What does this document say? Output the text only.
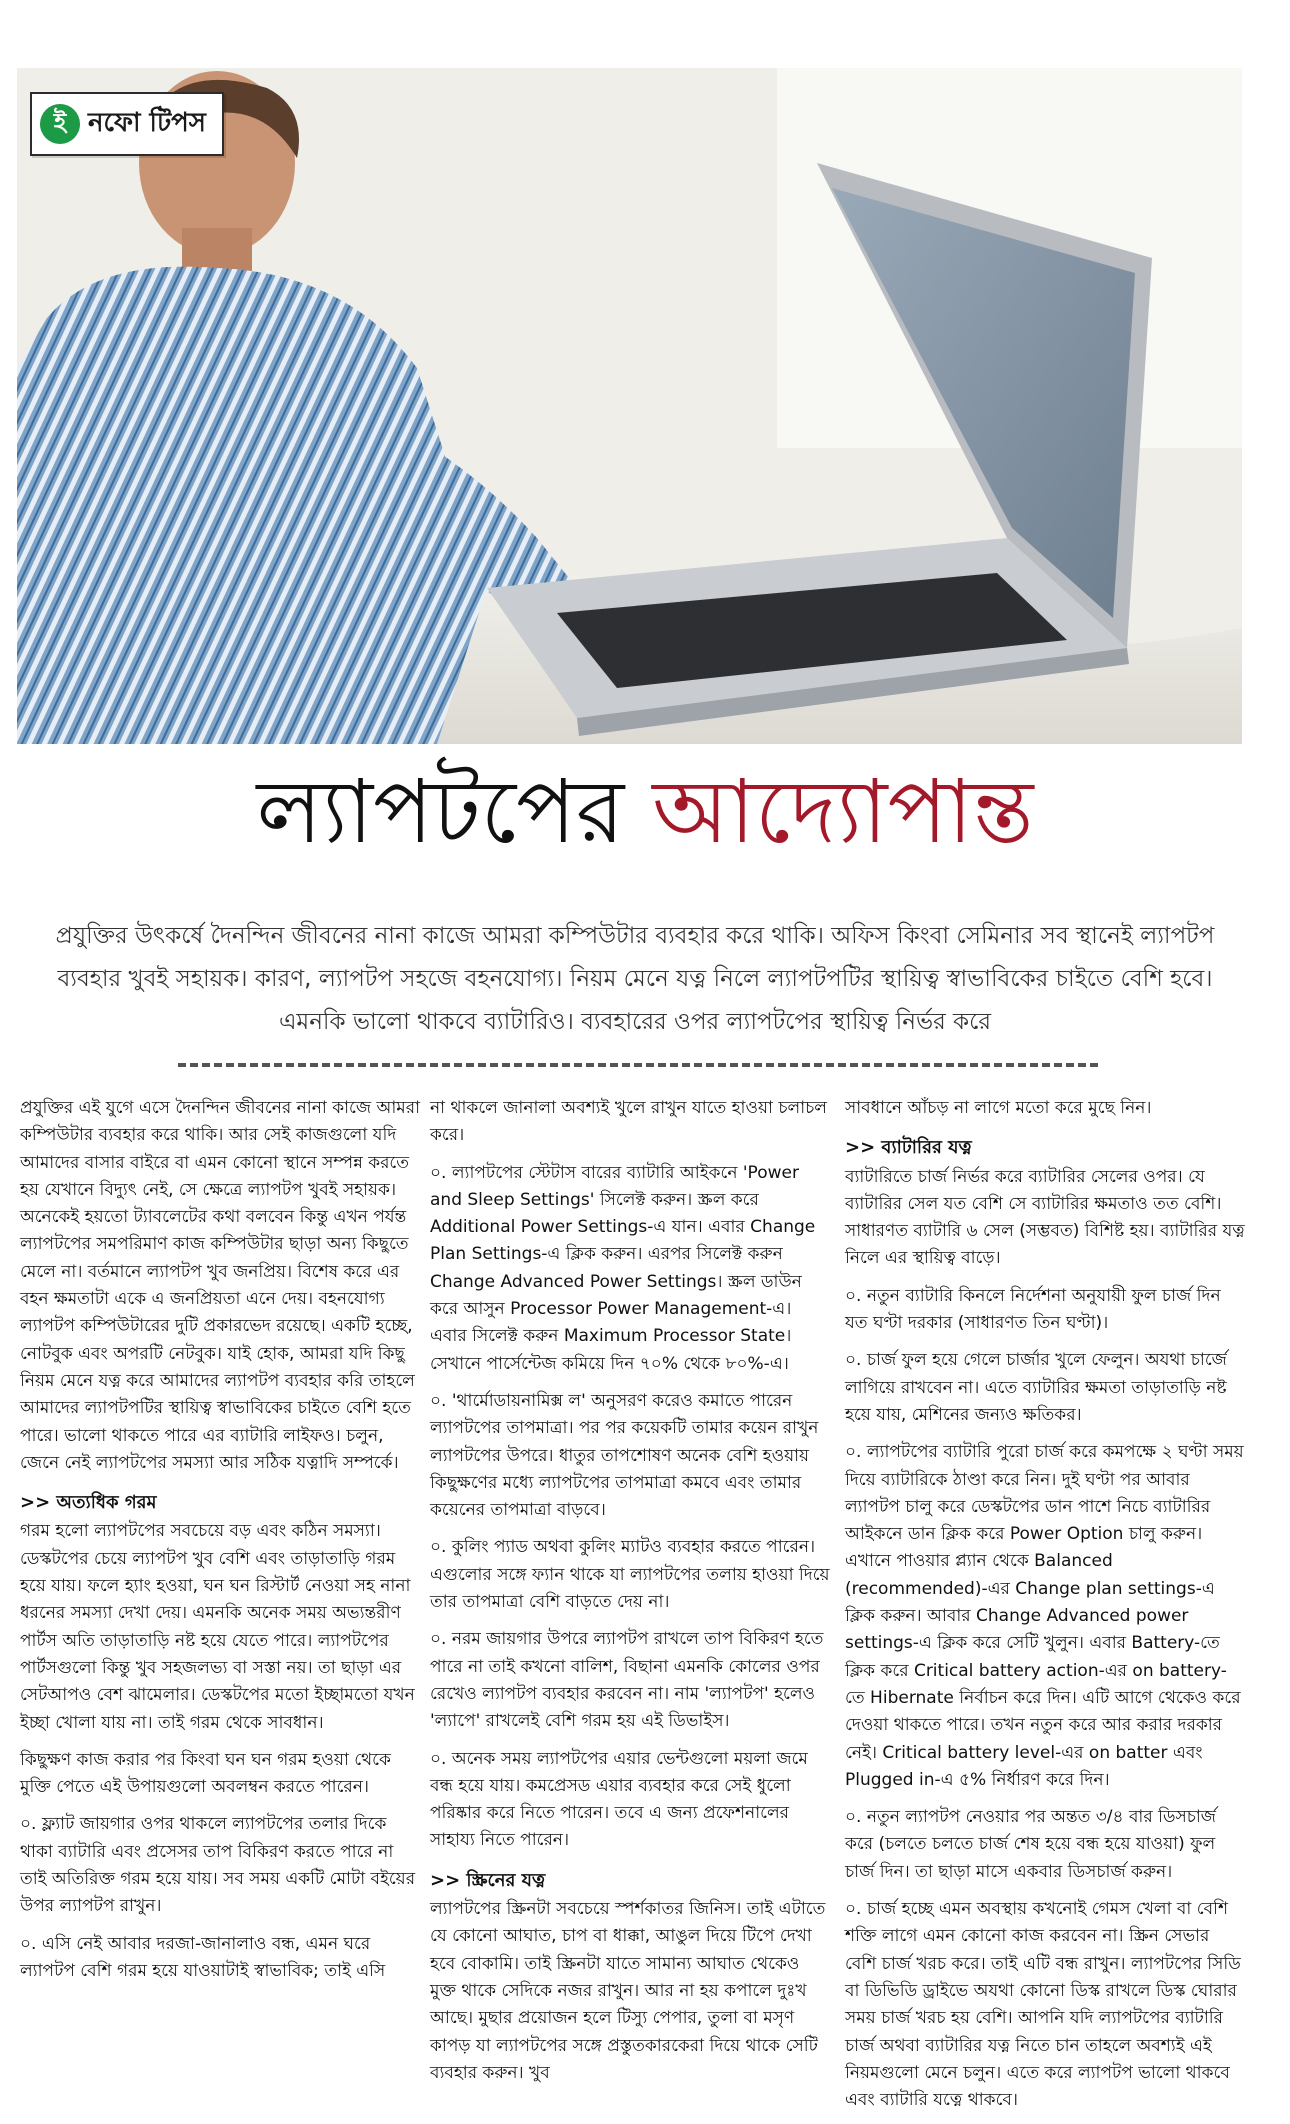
ই নফো টিপস
ল্যাপটপের আদ্যোপান্ত
প্রযুক্তির উৎকর্ষে দৈনন্দিন জীবনের নানা কাজে আমরা কম্পিউটার ব্যবহার করে থাকি। অফিস কিংবা সেমিনার সব স্থানেই ল্যাপটপ ব্যবহার খুবই সহায়ক। কারণ, ল্যাপটপ সহজে বহনযোগ্য। নিয়ম মেনে যত্ন নিলে ল্যাপটপটির স্থায়িত্ব স্বাভাবিকের চাইতে বেশি হবে। এমনকি ভালো থাকবে ব্যাটারিও। ব্যবহারের ওপর ল্যাপটপের স্থায়িত্ব নির্ভর করে

প্রযুক্তির এই যুগে এসে দৈনন্দিন জীবনের নানা কাজে আমরা কম্পিউটার ব্যবহার করে থাকি। আর সেই কাজগুলো যদি আমাদের বাসার বাইরে বা এমন কোনো স্থানে সম্পন্ন করতে হয় যেখানে বিদ্যুৎ নেই, সে ক্ষেত্রে ল্যাপটপ খুবই সহায়ক। অনেকেই হয়তো ট্যাবলেটের কথা বলবেন কিন্তু এখন পর্যন্ত ল্যাপটপের সমপরিমাণ কাজ কম্পিউটার ছাড়া অন্য কিছুতে মেলে না। বর্তমানে ল্যাপটপ খুব জনপ্রিয়। বিশেষ করে এর বহন ক্ষমতাটা একে এ জনপ্রিয়তা এনে দেয়। বহনযোগ্য ল্যাপটপ কম্পিউটারের দুটি প্রকারভেদ রয়েছে। একটি হচ্ছে, নোটবুক এবং অপরটি নেটবুক। যাই হোক, আমরা যদি কিছু নিয়ম মেনে যত্ন করে আমাদের ল্যাপটপ ব্যবহার করি তাহলে আমাদের ল্যাপটপটির স্থায়িত্ব স্বাভাবিকের চাইতে বেশি হতে পারে। ভালো থাকতে পারে এর ব্যাটারি লাইফও। চলুন, জেনে নেই ল্যাপটপের সমস্যা আর সঠিক যত্নাদি সম্পর্কে।

>> অত্যধিক গরম

গরম হলো ল্যাপটপের সবচেয়ে বড় এবং কঠিন সমস্যা। ডেস্কটপের চেয়ে ল্যাপটপ খুব বেশি এবং তাড়াতাড়ি গরম হয়ে যায়। ফলে হ্যাং হওয়া, ঘন ঘন রিস্টার্ট নেওয়া সহ নানা ধরনের সমস্যা দেখা দেয়। এমনকি অনেক সময় অভ্যন্তরীণ পার্টস অতি তাড়াতাড়ি নষ্ট হয়ে যেতে পারে। ল্যাপটপের পার্টসগুলো কিন্তু খুব সহজলভ্য বা সস্তা নয়। তা ছাড়া এর সেটআপও বেশ ঝামেলার। ডেস্কটপের মতো ইচ্ছামতো যখন ইচ্ছা খোলা যায় না। তাই গরম থেকে সাবধান।

কিছুক্ষণ কাজ করার পর কিংবা ঘন ঘন গরম হওয়া থেকে মুক্তি পেতে এই উপায়গুলো অবলম্বন করতে পারেন।

০. ফ্ল্যাট জায়গার ওপর থাকলে ল্যাপটপের তলার দিকে থাকা ব্যাটারি এবং প্রসেসর তাপ বিকিরণ করতে পারে না তাই অতিরিক্ত গরম হয়ে যায়। সব সময় একটি মোটা বইয়ের উপর ল্যাপটপ রাখুন।

০. এসি নেই আবার দরজা-জানালাও বন্ধ, এমন ঘরে ল্যাপটপ বেশি গরম হয়ে যাওয়াটাই স্বাভাবিক; তাই এসি

না থাকলে জানালা অবশ্যই খুলে রাখুন যাতে হাওয়া চলাচল করে।

০. ল্যাপটপের স্টেটাস বারের ব্যাটারি আইকনে 'Power and Sleep Settings' সিলেক্ট করুন। স্ক্রল করে Additional Power Settings-এ যান। এবার Change Plan Settings-এ ক্লিক করুন। এরপর সিলেক্ট করুন Change Advanced Power Settings। স্ক্রল ডাউন করে আসুন Processor Power Management-এ। এবার সিলেক্ট করুন Maximum Processor State। সেখানে পার্সেন্টেজ কমিয়ে দিন ৭০% থেকে ৮০%-এ।

০. 'থার্মোডায়নামিক্স ল' অনুসরণ করেও কমাতে পারেন ল্যাপটপের তাপমাত্রা। পর পর কয়েকটি তামার কয়েন রাখুন ল্যাপটপের উপরে। ধাতুর তাপশোষণ অনেক বেশি হওয়ায় কিছুক্ষণের মধ্যে ল্যাপটপের তাপমাত্রা কমবে এবং তামার কয়েনের তাপমাত্রা বাড়বে।

০. কুলিং প্যাড অথবা কুলিং ম্যাটও ব্যবহার করতে পারেন। এগুলোর সঙ্গে ফ্যান থাকে যা ল্যাপটপের তলায় হাওয়া দিয়ে তার তাপমাত্রা বেশি বাড়তে দেয় না।

০. নরম জায়গার উপরে ল্যাপটপ রাখলে তাপ বিকিরণ হতে পারে না তাই কখনো বালিশ, বিছানা এমনকি কোলের ওপর রেখেও ল্যাপটপ ব্যবহার করবেন না। নাম 'ল্যাপটপ' হলেও 'ল্যাপে' রাখলেই বেশি গরম হয় এই ডিভাইস।

০. অনেক সময় ল্যাপটপের এয়ার ভেন্টগুলো ময়লা জমে বন্ধ হয়ে যায়। কমপ্রেসড এয়ার ব্যবহার করে সেই ধুলো পরিষ্কার করে নিতে পারেন। তবে এ জন্য প্রফেশনালের সাহায্য নিতে পারেন।

>> স্ক্রিনের যত্ন

ল্যাপটপের স্ক্রিনটা সবচেয়ে স্পর্শকাতর জিনিস। তাই এটাতে যে কোনো আঘাত, চাপ বা ধাক্কা, আঙুল দিয়ে টিপে দেখা হবে বোকামি। তাই স্ক্রিনটা যাতে সামান্য আঘাত থেকেও মুক্ত থাকে সেদিকে নজর রাখুন। আর না হয় কপালে দুঃখ আছে। মুছার প্রয়োজন হলে টিস্যু পেপার, তুলা বা মসৃণ কাপড় যা ল্যাপটপের সঙ্গে প্রস্তুতকারকেরা দিয়ে থাকে সেটি ব্যবহার করুন। খুব

সাবধানে আঁচড় না লাগে মতো করে মুছে নিন।

>> ব্যাটারির যত্ন

ব্যাটারিতে চার্জ নির্ভর করে ব্যাটারির সেলের ওপর। যে ব্যাটারির সেল যত বেশি সে ব্যাটারির ক্ষমতাও তত বেশি। সাধারণত ব্যাটারি ৬ সেল (সম্ভবত) বিশিষ্ট হয়। ব্যাটারির যত্ন নিলে এর স্থায়িত্ব বাড়ে।

০. নতুন ব্যাটারি কিনলে নির্দেশনা অনুযায়ী ফুল চার্জ দিন যত ঘণ্টা দরকার (সাধারণত তিন ঘণ্টা)।

০. চার্জ ফুল হয়ে গেলে চার্জার খুলে ফেলুন। অযথা চার্জে লাগিয়ে রাখবেন না। এতে ব্যাটারির ক্ষমতা তাড়াতাড়ি নষ্ট হয়ে যায়, মেশিনের জন্যও ক্ষতিকর।

০. ল্যাপটপের ব্যাটারি পুরো চার্জ করে কমপক্ষে ২ ঘণ্টা সময় দিয়ে ব্যাটারিকে ঠাণ্ডা করে নিন। দুই ঘণ্টা পর আবার ল্যাপটপ চালু করে ডেস্কটপের ডান পাশে নিচে ব্যাটারির আইকনে ডান ক্লিক করে Power Option চালু করুন। এখানে পাওয়ার প্ল্যান থেকে Balanced (recommended)-এর Change plan settings-এ ক্লিক করুন। আবার Change Advanced power settings-এ ক্লিক করে সেটি খুলুন। এবার Battery-তে ক্লিক করে Critical battery action-এর on battery-তে Hibernate নির্বাচন করে দিন। এটি আগে থেকেও করে দেওয়া থাকতে পারে। তখন নতুন করে আর করার দরকার নেই। Critical battery level-এর on batter এবং Plugged in-এ ৫% নির্ধারণ করে দিন।

০. নতুন ল্যাপটপ নেওয়ার পর অন্তত ৩/৪ বার ডিসচার্জ করে (চলতে চলতে চার্জ শেষ হয়ে বন্ধ হয়ে যাওয়া) ফুল চার্জ দিন। তা ছাড়া মাসে একবার ডিসচার্জ করুন।

০. চার্জ হচ্ছে এমন অবস্থায় কখনোই গেমস খেলা বা বেশি শক্তি লাগে এমন কোনো কাজ করবেন না। স্ক্রিন সেভার বেশি চার্জ খরচ করে। তাই এটি বন্ধ রাখুন। ল্যাপটপের সিডি বা ডিভিডি ড্রাইভে অযথা কোনো ডিস্ক রাখলে ডিস্ক ঘোরার সময় চার্জ খরচ হয় বেশি। আপনি যদি ল্যাপটপের ব্যাটারি চার্জ অথবা ব্যাটারির যত্ন নিতে চান তাহলে অবশ্যই এই নিয়মগুলো মেনে চলুন। এতে করে ল্যাপটপ ভালো থাকবে এবং ব্যাটারি যত্নে থাকবে।
